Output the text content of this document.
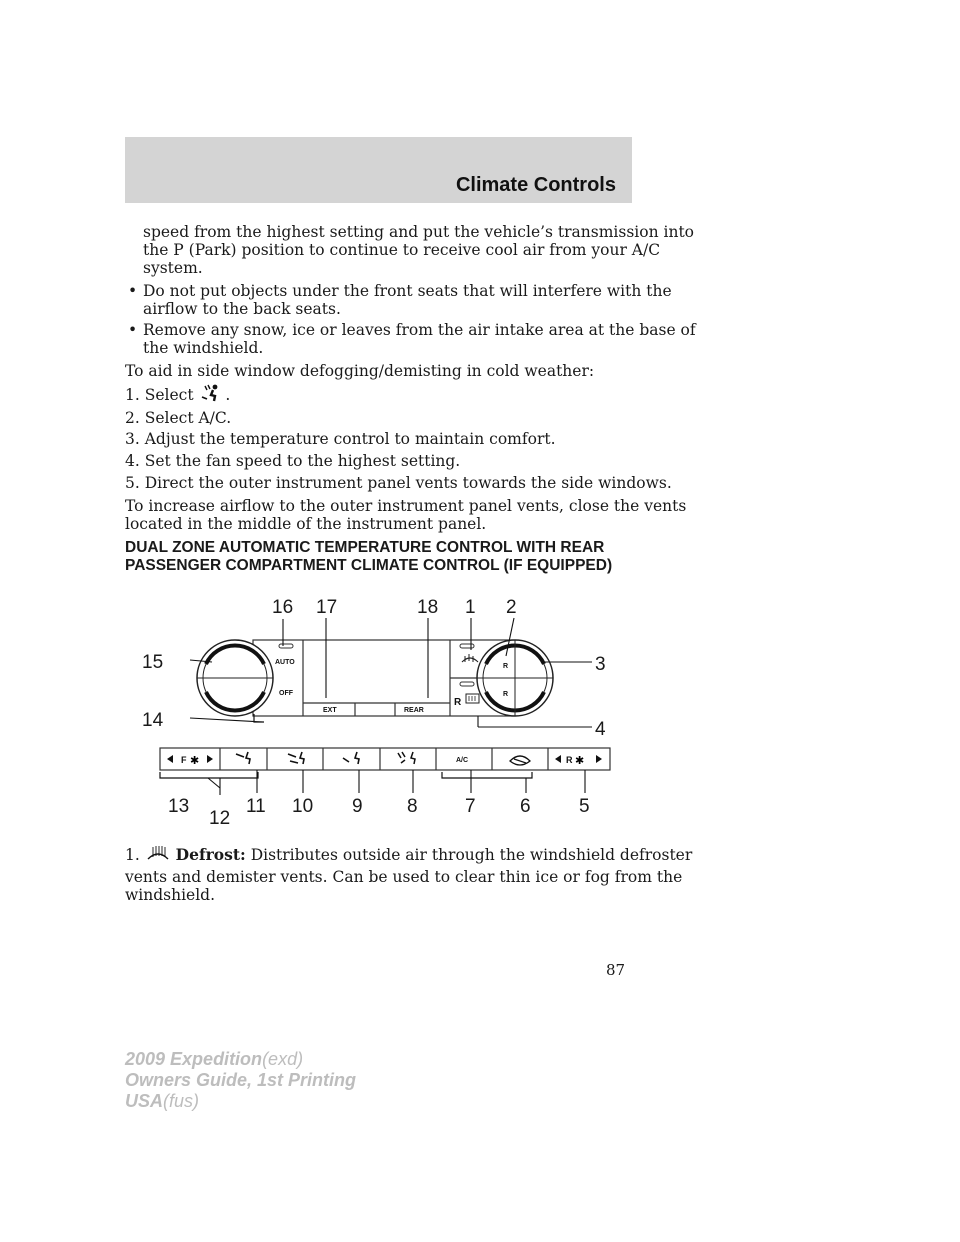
Climate Controls
speed from the highest setting and put the vehicle’s transmission into
the P (Park) position to continue to receive cool air from your A/C
system.
• Do not put objects under the front seats that will interfere with the
airflow to the back seats.
• Remove any snow, ice or leaves from the air intake area at the base of
the windshield.
To aid in side window defogging/demisting in cold weather:
1. Select .
2. Select A/C.
3. Adjust the temperature control to maintain comfort.
4. Set the fan speed to the highest setting.
5. Direct the outer instrument panel vents towards the side windows.
To increase airflow to the outer instrument panel vents, close the vents
located in the middle of the instrument panel.
DUAL ZONE AUTOMATIC TEMPERATURE CONTROL WITH REAR
PASSENGER COMPARTMENT CLIMATE CONTROL (IF EQUIPPED)
R
R
AUTO
OFF
EXT	REAR
R
F ✱	A/C	R ✱
16 17	18 1 2
3
4
5
6
7
8
9
10
11
12
13
14
15
1. Defrost: Distributes outside air through the windshield defroster
vents and demister vents. Can be used to clear thin ice or fog from the
windshield.
87
2009 Expedition(exd)
Owners Guide, 1st Printing
USA(fus)
